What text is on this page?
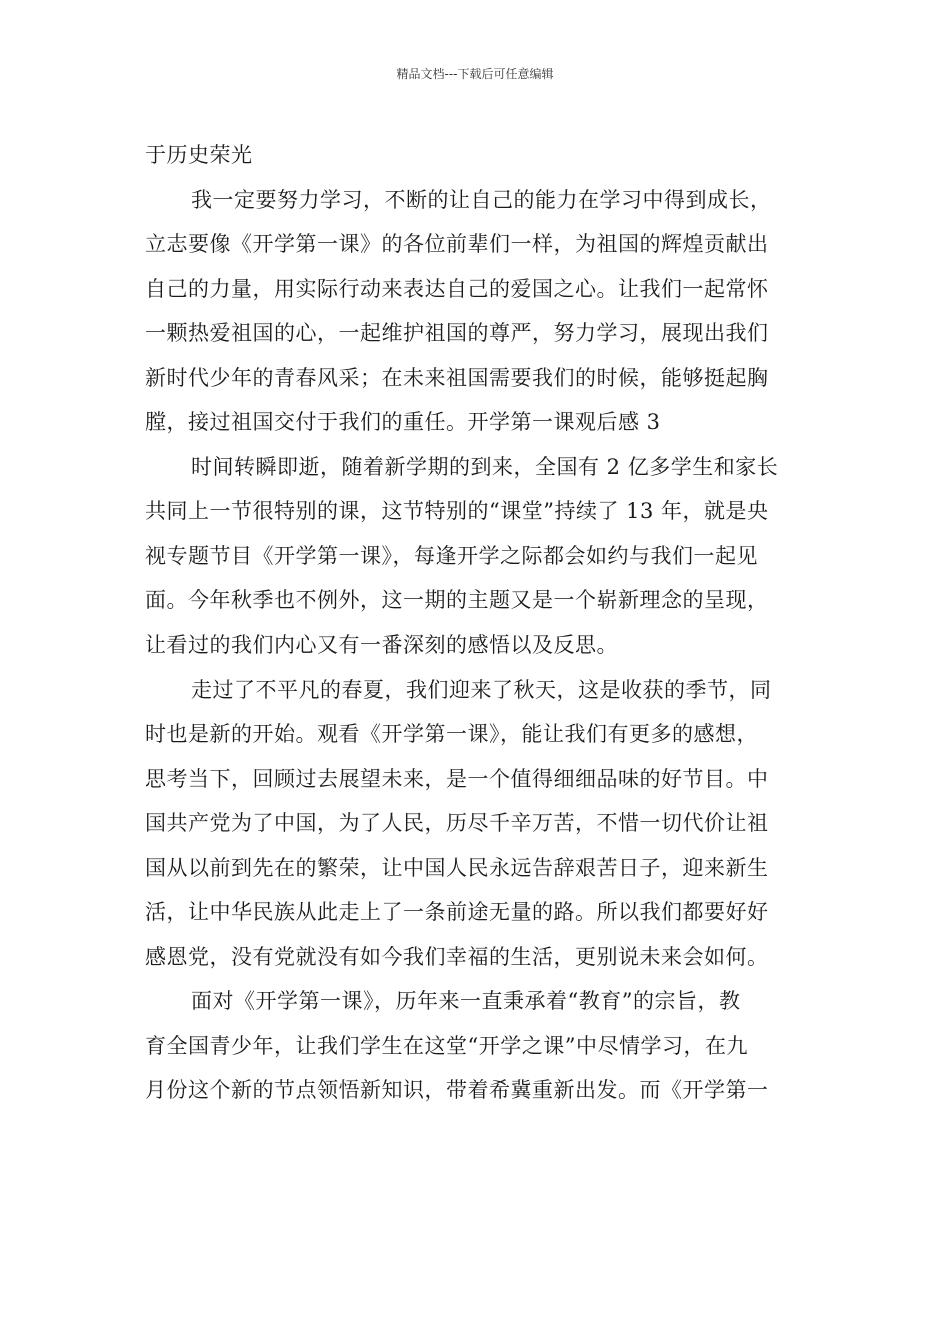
精品文档---下载后可任意编辑
于历史荣光
我一定要努力学习，不断的让自己的能力在学习中得到成长，
立志要像《开学第一课》的各位前辈们一样，为祖国的辉煌贡献出
自己的力量，用实际行动来表达自己的爱国之心。让我们一起常怀
一颗热爱祖国的心，一起维护祖国的尊严，努力学习，展现出我们
新时代少年的青春风采；在未来祖国需要我们的时候，能够挺起胸
膛，接过祖国交付于我们的重任。开学第一课观后感 3
时间转瞬即逝，随着新学期的到来，全国有 2 亿多学生和家长
共同上一节很特别的课，这节特别的“课堂”持续了 13 年，就是央
视专题节目《开学第一课》，每逢开学之际都会如约与我们一起见
面。今年秋季也不例外，这一期的主题又是一个崭新理念的呈现，
让看过的我们内心又有一番深刻的感悟以及反思。
走过了不平凡的春夏，我们迎来了秋天，这是收获的季节，同
时也是新的开始。观看《开学第一课》，能让我们有更多的感想，
思考当下，回顾过去展望未来，是一个值得细细品味的好节目。中
国共产党为了中国，为了人民，历尽千辛万苦，不惜一切代价让祖
国从以前到先在的繁荣，让中国人民永远告辞艰苦日子，迎来新生
活，让中华民族从此走上了一条前途无量的路。所以我们都要好好
感恩党，没有党就没有如今我们幸福的生活，更别说未来会如何。
面对《开学第一课》，历年来一直秉承着“教育”的宗旨，教
育全国青少年，让我们学生在这堂“开学之课”中尽情学习，在九
月份这个新的节点领悟新知识，带着希冀重新出发。而《开学第一
